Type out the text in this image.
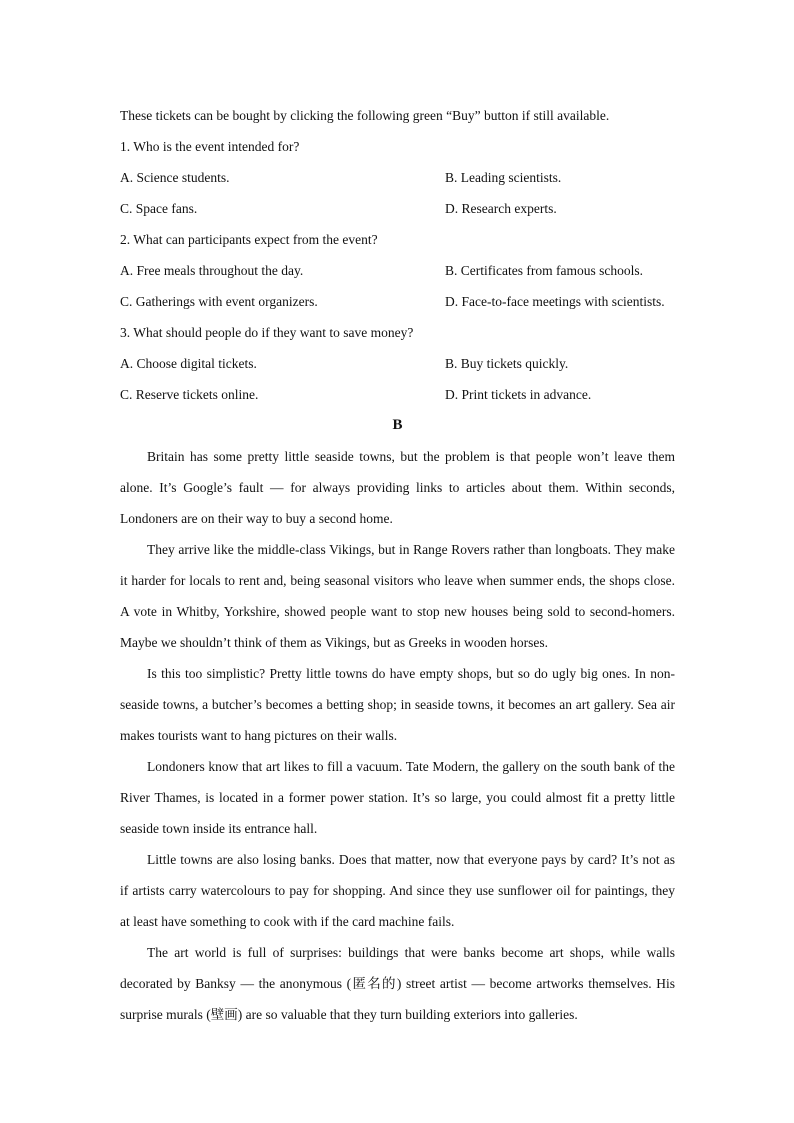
These tickets can be bought by clicking the following green “Buy” button if still available.
1. Who is the event intended for?
A. Science students.	B. Leading scientists.
C. Space fans.	D. Research experts.
2. What can participants expect from the event?
A. Free meals throughout the day.	B. Certificates from famous schools.
C. Gatherings with event organizers.	D. Face-to-face meetings with scientists.
3. What should people do if they want to save money?
A. Choose digital tickets.	B. Buy tickets quickly.
C. Reserve tickets online.	D. Print tickets in advance.
B

Britain has some pretty little seaside towns, but the problem is that people won’t leave them alone. It’s Google’s fault — for always providing links to articles about them. Within seconds, Londoners are on their way to buy a second home.

They arrive like the middle-class Vikings, but in Range Rovers rather than longboats. They make it harder for locals to rent and, being seasonal visitors who leave when summer ends, the shops close. A vote in Whitby, Yorkshire, showed people want to stop new houses being sold to second-homers. Maybe we shouldn’t think of them as Vikings, but as Greeks in wooden horses.

Is this too simplistic? Pretty little towns do have empty shops, but so do ugly big ones. In non-seaside towns, a butcher’s becomes a betting shop; in seaside towns, it becomes an art gallery. Sea air makes tourists want to hang pictures on their walls.

Londoners know that art likes to fill a vacuum. Tate Modern, the gallery on the south bank of the River Thames, is located in a former power station. It’s so large, you could almost fit a pretty little seaside town inside its entrance hall.

Little towns are also losing banks. Does that matter, now that everyone pays by card? It’s not as if artists carry watercolours to pay for shopping. And since they use sunflower oil for paintings, they at least have something to cook with if the card machine fails.

The art world is full of surprises: buildings that were banks become art shops, while walls decorated by Banksy — the anonymous (匿名的) street artist — become artworks themselves. His surprise murals (壁画) are so valuable that they turn building exteriors into galleries.
